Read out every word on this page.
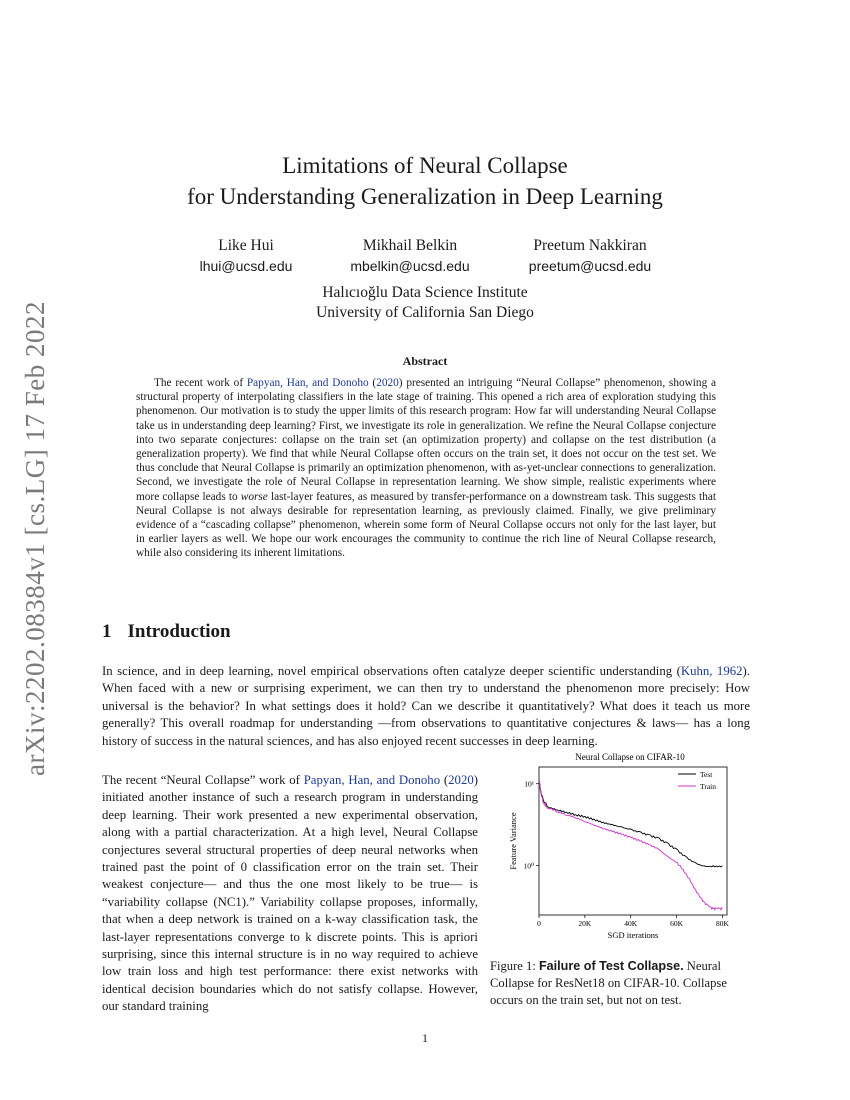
arXiv:2202.08384v1 [cs.LG] 17 Feb 2022
Limitations of Neural Collapse
for Understanding Generalization in Deep Learning
Like Hui
lhui@ucsd.edu
Mikhail Belkin
mbelkin@ucsd.edu
Preetum Nakkiran
preetum@ucsd.edu
Halıcıoğlu Data Science Institute
University of California San Diego
Abstract

The recent work of Papyan, Han, and Donoho (2020) presented an intriguing “Neural Collapse” phenomenon, showing a structural property of interpolating classifiers in the late stage of training. This opened a rich area of exploration studying this phenomenon. Our motivation is to study the upper limits of this research program: How far will understanding Neural Collapse take us in understanding deep learning? First, we investigate its role in generalization. We refine the Neural Collapse conjecture into two separate conjectures: collapse on the train set (an optimization property) and collapse on the test distribution (a generalization property). We find that while Neural Collapse often occurs on the train set, it does not occur on the test set. We thus conclude that Neural Collapse is primarily an optimization phenomenon, with as-yet-unclear connections to generalization. Second, we investigate the role of Neural Collapse in representation learning. We show simple, realistic experiments where more collapse leads to worse last-layer features, as measured by transfer-performance on a downstream task. This suggests that Neural Collapse is not always desirable for representation learning, as previously claimed. Finally, we give preliminary evidence of a “cascading collapse” phenomenon, wherein some form of Neural Collapse occurs not only for the last layer, but in earlier layers as well. We hope our work encourages the community to continue the rich line of Neural Collapse research, while also considering its inherent limitations.

1 Introduction

In science, and in deep learning, novel empirical observations often catalyze deeper scientific understanding (Kuhn, 1962). When faced with a new or surprising experiment, we can then try to understand the phenomenon more precisely: How universal is the behavior? In what settings does it hold? Can we describe it quantitatively? What does it teach us more generally? This overall roadmap for understanding —from observations to quantitative conjectures & laws— has a long history of success in the natural sciences, and has also enjoyed recent successes in deep learning.

The recent “Neural Collapse” work of Papyan, Han, and Donoho (2020) initiated another instance of such a research program in understanding deep learning. Their work presented a new experimental observation, along with a partial characterization. At a high level, Neural Collapse conjectures several structural properties of deep neural networks when trained past the point of 0 classification error on the train set. Their weakest conjecture— and thus the one most likely to be true— is “variability collapse (NC1).” Variability collapse proposes, informally, that when a deep network is trained on a k-way classification task, the last-layer representations converge to k discrete points. This is apriori surprising, since this internal structure is in no way required to achieve low train loss and high test performance: there exist networks with identical decision boundaries which do not satisfy collapse. However, our standard training

Neural Collapse on CIFAR-10
0	20K	40K	60K	80K
10⁰
10¹
Test
Train
SGD iterations
Feature Variance
Figure 1: Failure of Test Collapse. Neural Collapse for ResNet18 on CIFAR-10. Collapse occurs on the train set, but not on test.
1
